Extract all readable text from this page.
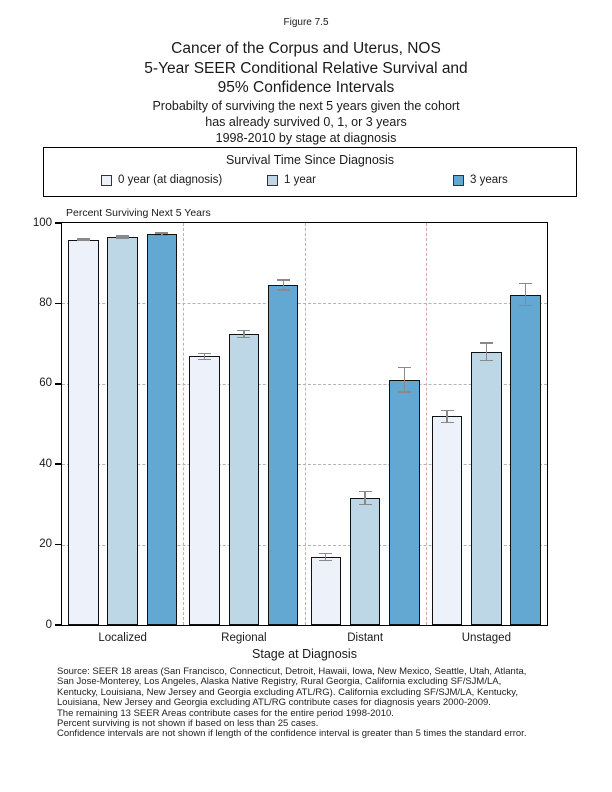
Figure 7.5
Cancer of the Corpus and Uterus, NOS
5-Year SEER Conditional Relative Survival and
95% Confidence Intervals
Probabilty of surviving the next 5 years given the cohort
has already survived 0, 1, or 3 years
1998-2010 by stage at diagnosis
Survival Time Since Diagnosis
0 year (at diagnosis)	1 year	3 years
Percent Surviving Next 5 Years
0
20
40
60
80
100
Localized	Regional	Distant	Unstaged
Stage at Diagnosis
Source: SEER 18 areas (San Francisco, Connecticut, Detroit, Hawaii, Iowa, New Mexico, Seattle, Utah, Atlanta,
San Jose-Monterey, Los Angeles, Alaska Native Registry, Rural Georgia, California excluding SF/SJM/LA,
Kentucky, Louisiana, New Jersey and Georgia excluding ATL/RG). California excluding SF/SJM/LA, Kentucky,
Louisiana, New Jersey and Georgia excluding ATL/RG contribute cases for diagnosis years 2000-2009.
The remaining 13 SEER Areas contribute cases for the entire period 1998-2010.
Percent surviving is not shown if based on less than 25 cases.
Confidence intervals are not shown if length of the confidence interval is greater than 5 times the standard error.
